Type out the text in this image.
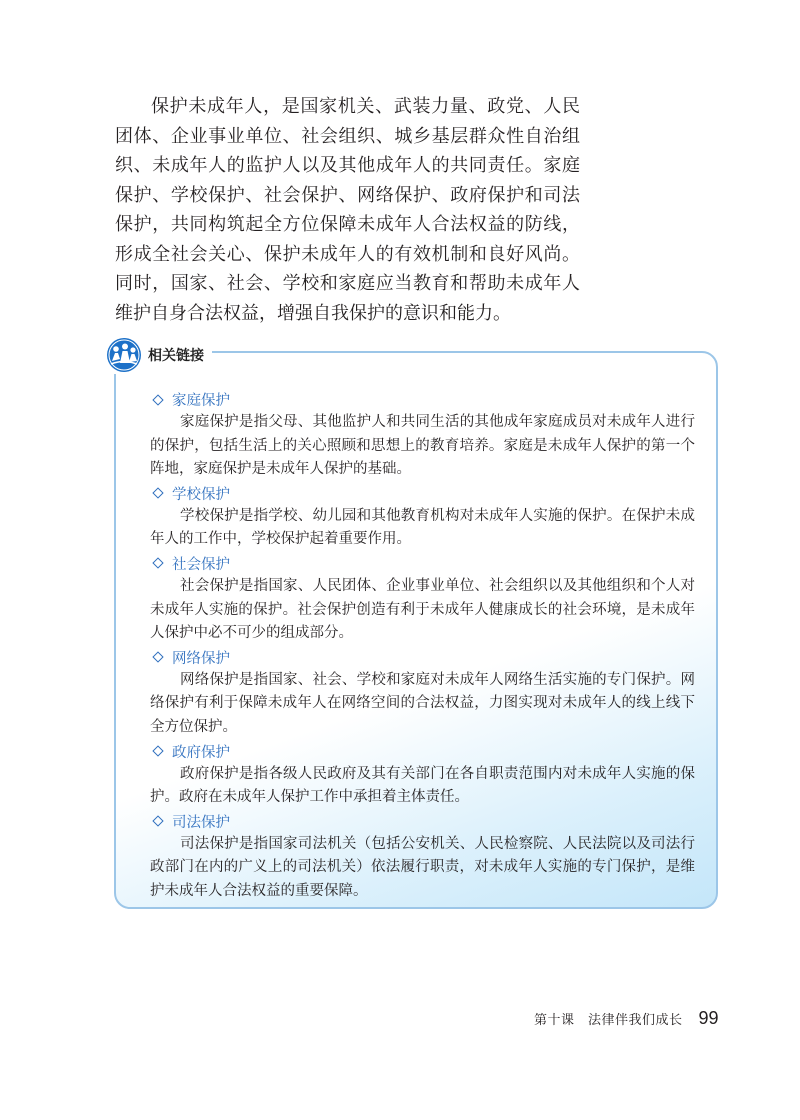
保护未成年人，是国家机关、武装力量、政党、人民团体、企业事业单位、社会组织、城乡基层群众性自治组织、未成年人的监护人以及其他成年人的共同责任。家庭保护、学校保护、社会保护、网络保护、政府保护和司法保护，共同构筑起全方位保障未成年人合法权益的防线，形成全社会关心、保护未成年人的有效机制和良好风尚。同时，国家、社会、学校和家庭应当教育和帮助未成年人维护自身合法权益，增强自我保护的意识和能力。

相关链接
家庭保护

家庭保护是指父母、其他监护人和共同生活的其他成年家庭成员对未成年人进行的保护，包括生活上的关心照顾和思想上的教育培养。家庭是未成年人保护的第一个阵地，家庭保护是未成年人保护的基础。

学校保护

学校保护是指学校、幼儿园和其他教育机构对未成年人实施的保护。在保护未成年人的工作中，学校保护起着重要作用。

社会保护

社会保护是指国家、人民团体、企业事业单位、社会组织以及其他组织和个人对未成年人实施的保护。社会保护创造有利于未成年人健康成长的社会环境，是未成年人保护中必不可少的组成部分。

网络保护

网络保护是指国家、社会、学校和家庭对未成年人网络生活实施的专门保护。网络保护有利于保障未成年人在网络空间的合法权益，力图实现对未成年人的线上线下全方位保护。

政府保护

政府保护是指各级人民政府及其有关部门在各自职责范围内对未成年人实施的保护。政府在未成年人保护工作中承担着主体责任。

司法保护

司法保护是指国家司法机关（包括公安机关、人民检察院、人民法院以及司法行政部门在内的广义上的司法机关）依法履行职责，对未成年人实施的专门保护，是维护未成年人合法权益的重要保障。

第十课　法律伴我们成长 99
